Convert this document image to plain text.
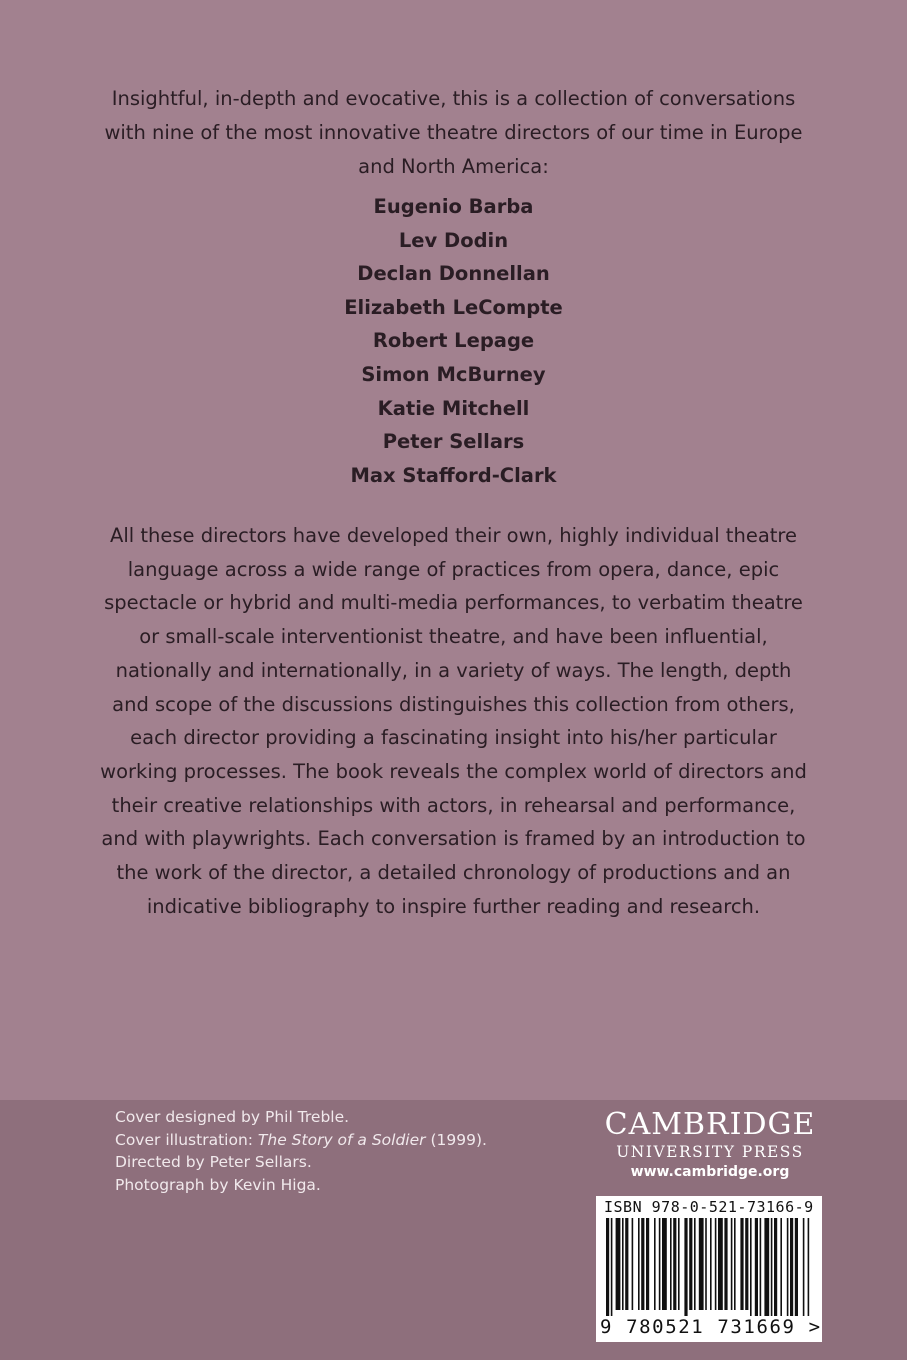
Insightful, in-depth and evocative, this is a collection of conversations with nine of the most innovative theatre directors of our time in Europe and North America:
Eugenio Barba
Lev Dodin
Declan Donnellan
Elizabeth LeCompte
Robert Lepage
Simon McBurney
Katie Mitchell
Peter Sellars
Max Stafford-Clark
All these directors have developed their own, highly individual theatre language across a wide range of practices from opera, dance, epic spectacle or hybrid and multi-media performances, to verbatim theatre or small-scale interventionist theatre, and have been influential, nationally and internationally, in a variety of ways. The length, depth and scope of the discussions distinguishes this collection from others, each director providing a fascinating insight into his/her particular working processes. The book reveals the complex world of directors and their creative relationships with actors, in rehearsal and performance, and with playwrights. Each conversation is framed by an introduction to the work of the director, a detailed chronology of productions and an indicative bibliography to inspire further reading and research.
Cover designed by Phil Treble.
Cover illustration: The Story of a Soldier (1999).
Directed by Peter Sellars.
Photograph by Kevin Higa.
CAMBRIDGE
UNIVERSITY PRESS
www.cambridge.org
ISBN 978-0-521-73166-9
9 780521 731669 >
